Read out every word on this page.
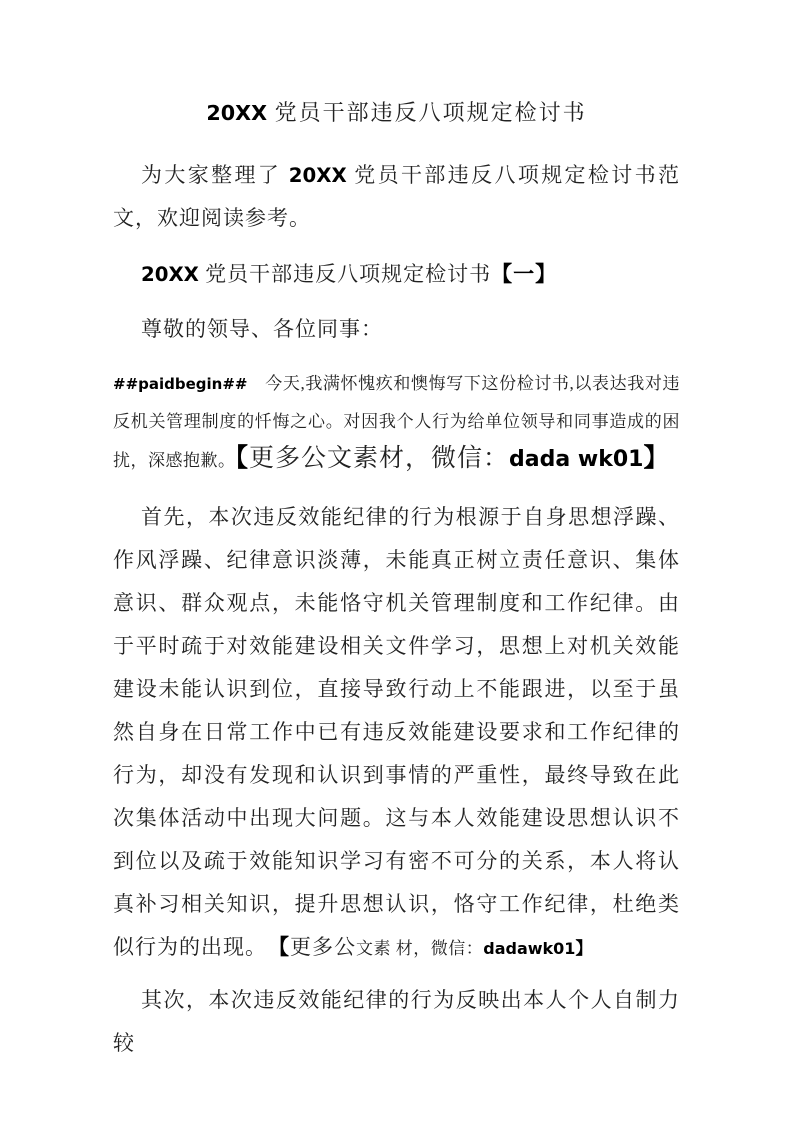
20XX 党员干部违反八项规定检讨书

为大家整理了 20XX 党员干部违反八项规定检讨书范文，欢迎阅读参考。

20XX 党员干部违反八项规定检讨书【一】

尊敬的领导、各位同事：

##paidbegin##　今天,我满怀愧疚和懊悔写下这份检讨书,以表达我对违反机关管理制度的忏悔之心。对因我个人行为给单位领导和同事造成的困扰，深感抱歉。【更多公文素材，微信：dada wk01】

首先，本次违反效能纪律的行为根源于自身思想浮躁、作风浮躁、纪律意识淡薄，未能真正树立责任意识、集体意识、群众观点，未能恪守机关管理制度和工作纪律。由于平时疏于对效能建设相关文件学习，思想上对机关效能建设未能认识到位，直接导致行动上不能跟进，以至于虽然自身在日常工作中已有违反效能建设要求和工作纪律的行为，却没有发现和认识到事情的严重性，最终导致在此次集体活动中出现大问题。这与本人效能建设思想认识不到位以及疏于效能知识学习有密不可分的关系，本人将认真补习相关知识，提升思想认识，恪守工作纪律，杜绝类似行为的出现。　 【更多公文素 材，微信：dadawk01】

其次，本次违反效能纪律的行为反映出本人个人自制力较
